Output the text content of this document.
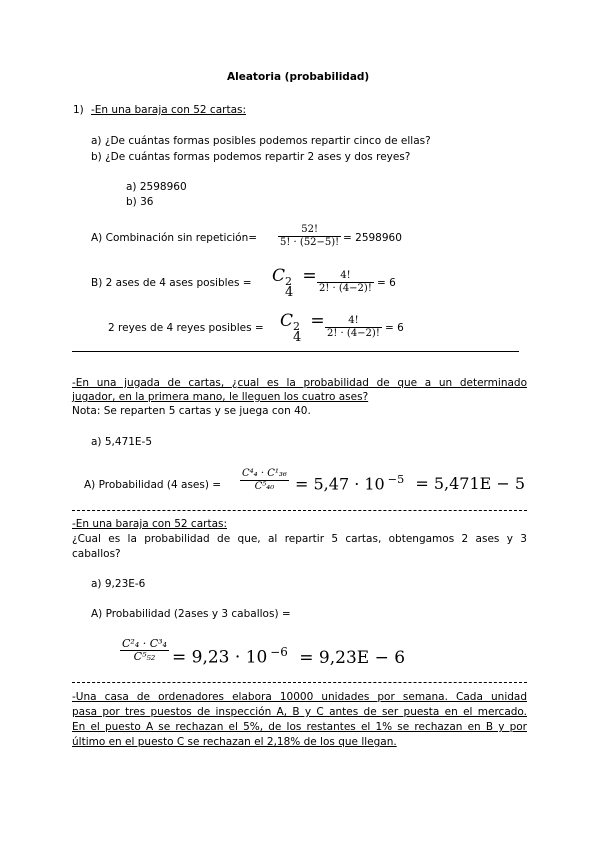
Aleatoria (probabilidad)
1) -En una baraja con 52 cartas:
a) ¿De cuántas formas posibles podemos repartir cinco de ellas?
b) ¿De cuántas formas podemos repartir 2 ases y dos reyes?
a) 2598960
b) 36
A) Combinación sin repetición= $\frac{52!}{5! \cdot (52-5)!} = 2598960$
B) 2 ases de 4 ases posibles = C 2
4
= $\frac{4!}{2! \cdot (4-2)!} = 6$
2 reyes de 4 reyes posibles = C 2
4
= $\frac{4!}{2! \cdot (4-2)!} = 6$
-En una jugada de cartas, ¿cual es la probabilidad de que a un determinado
jugador, en la primera mano, le lleguen los cuatro ases?
Nota: Se reparten 5 cartas y se juega con 40.
a) 5,471E-5
A) Probabilidad (4 ases) = $\frac{\text{C⁴₄ · C¹₃₆}}{\text{C⁵₄₀}} = 5,47 \cdot 10$ $^{-5}$ = 5,471E − 5
-En una baraja con 52 cartas:
¿Cual es la probabilidad de que, al repartir 5 cartas, obtengamos 2 ases y 3
caballos?
a) 9,23E-6
A) Probabilidad (2ases y 3 caballos) =
$\frac{\text{C²₄ · C³₄}}{\text{C⁵₅₂}} = 9,23 \cdot 10$ $^{-6}$ = 9,23E − 6
-Una casa de ordenadores elabora 10000 unidades por semana. Cada unidad
pasa por tres puestos de inspección A, B y C antes de ser puesta en el mercado.
En el puesto A se rechazan el 5%, de los restantes el 1% se rechazan en B y por
último en el puesto C se rechazan el 2,18% de los que llegan.
